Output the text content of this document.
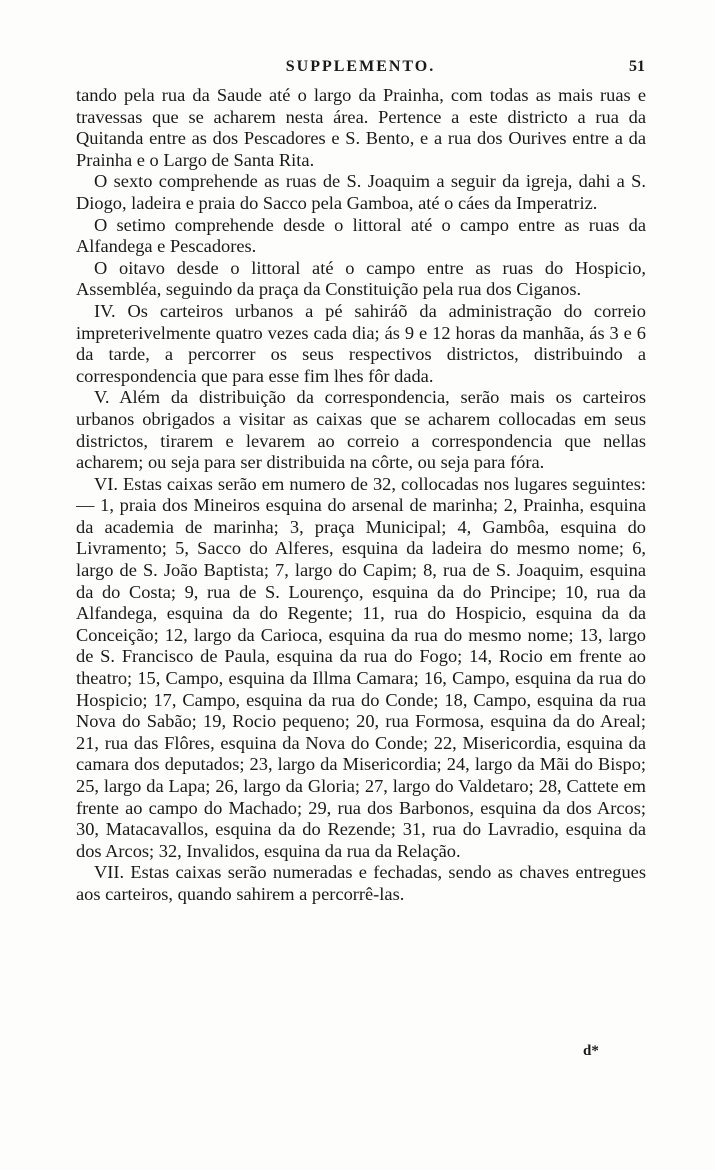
SUPPLEMENTO.	51

tando pela rua da Saude até o largo da Prainha, com todas as mais ruas e travessas que se acharem nesta área. Pertence a este districto a rua da Quitanda entre as dos Pescadores e S. Bento, e a rua dos Ourives entre a da Prainha e o Largo de Santa Rita.

O sexto comprehende as ruas de S. Joaquim a seguir da igreja, dahi a S. Diogo, ladeira e praia do Sacco pela Gamboa, até o cáes da Imperatriz.

O setimo comprehende desde o littoral até o campo entre as ruas da Alfandega e Pescadores.

O oitavo desde o littoral até o campo entre as ruas do Hospicio, Assembléa, seguindo da praça da Constituição pela rua dos Ciganos.

IV. Os carteiros urbanos a pé sahiráõ da administração do correio impreterivelmente quatro vezes cada dia; ás 9 e 12 horas da manhãa, ás 3 e 6 da tarde, a percorrer os seus respectivos districtos, distribuindo a correspondencia que para esse fim lhes fôr dada.

V. Além da distribuição da correspondencia, serão mais os carteiros urbanos obrigados a visitar as caixas que se acharem collocadas em seus districtos, tirarem e levarem ao correio a correspondencia que nellas acharem; ou seja para ser distribuida na côrte, ou seja para fóra.

VI. Estas caixas serão em numero de 32, collocadas nos lugares seguintes: — 1, praia dos Mineiros esquina do arsenal de marinha; 2, Prainha, esquina da academia de marinha; 3, praça Municipal; 4, Gambôa, esquina do Livramento; 5, Sacco do Alferes, esquina da ladeira do mesmo nome; 6, largo de S. João Baptista; 7, largo do Capim; 8, rua de S. Joaquim, esquina da do Costa; 9, rua de S. Lourenço, esquina da do Principe; 10, rua da Alfandega, esquina da do Regente; 11, rua do Hospicio, esquina da da Conceição; 12, largo da Carioca, esquina da rua do mesmo nome; 13, largo de S. Francisco de Paula, esquina da rua do Fogo; 14, Rocio em frente ao theatro; 15, Campo, esquina da Illma Camara; 16, Campo, esquina da rua do Hospicio; 17, Campo, esquina da rua do Conde; 18, Campo, esquina da rua Nova do Sabão; 19, Rocio pequeno; 20, rua Formosa, esquina da do Areal; 21, rua das Flôres, esquina da Nova do Conde; 22, Misericordia, esquina da camara dos deputados; 23, largo da Misericordia; 24, largo da Mãi do Bispo; 25, largo da Lapa; 26, largo da Gloria; 27, largo do Valdetaro; 28, Cattete em frente ao campo do Machado; 29, rua dos Barbonos, esquina da dos Arcos; 30, Matacavallos, esquina da do Rezende; 31, rua do Lavradio, esquina da dos Arcos; 32, Invalidos, esquina da rua da Relação.

VII. Estas caixas serão numeradas e fechadas, sendo as chaves entregues aos carteiros, quando sahirem a percorrê-las.

d*
